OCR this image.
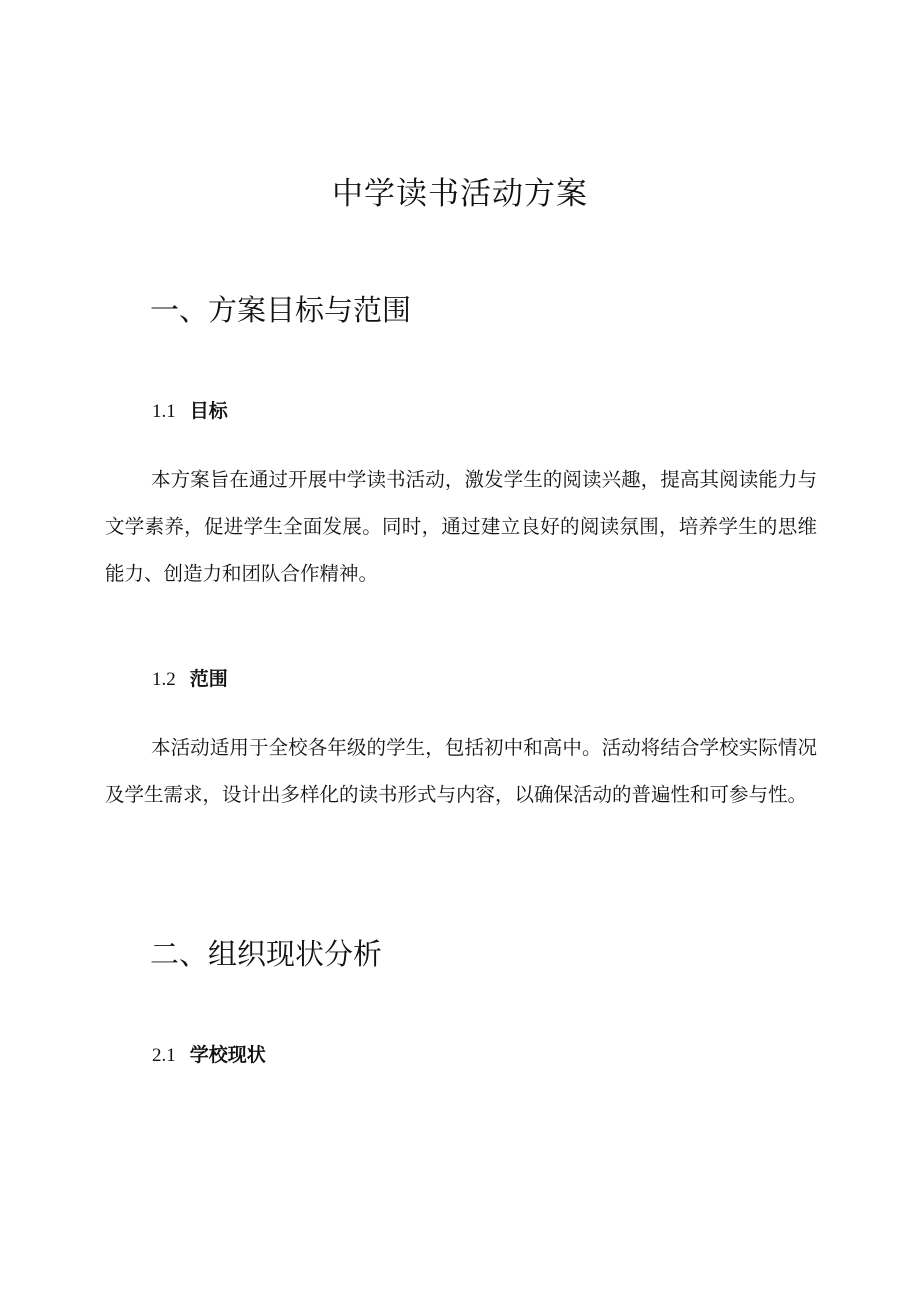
中学读书活动方案
一、方案目标与范围
1.1 目标

本方案旨在通过开展中学读书活动，激发学生的阅读兴趣，提高其阅读能力与文学素养，促进学生全面发展。同时，通过建立良好的阅读氛围，培养学生的思维能力、创造力和团队合作精神。

1.2 范围

本活动适用于全校各年级的学生，包括初中和高中。活动将结合学校实际情况及学生需求，设计出多样化的读书形式与内容，以确保活动的普遍性和可参与性。

二、组织现状分析
2.1 学校现状
